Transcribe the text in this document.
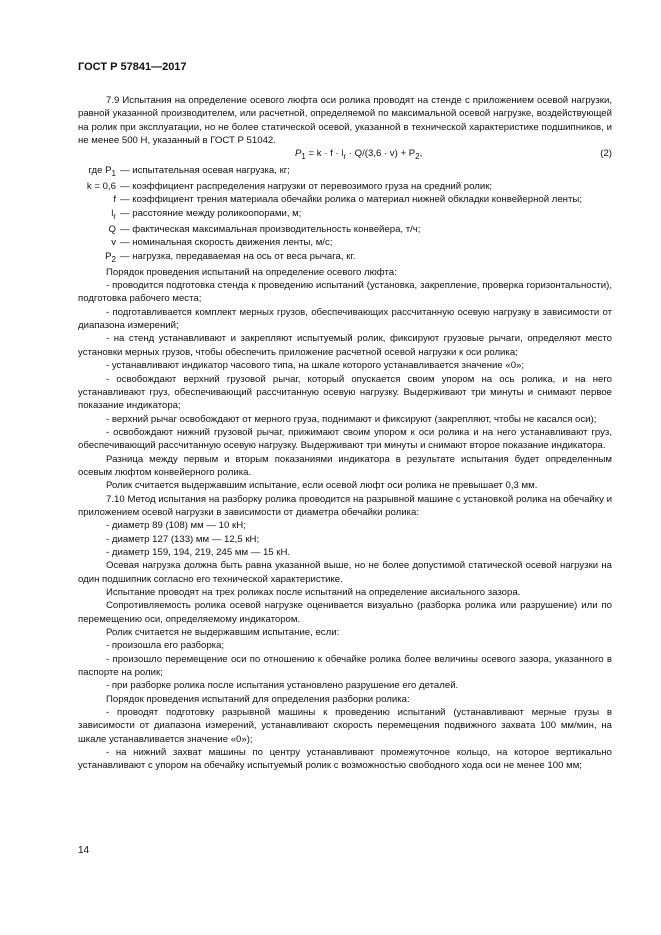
ГОСТ Р 57841—2017

7.9 Испытания на определение осевого люфта оси ролика проводят на стенде с приложением осевой нагрузки, равной указанной производителем, или расчетной, определяемой по максимальной осевой нагрузке, воздействующей на ролик при эксплуатации, но не более статической осевой, указанной в технической характеристике подшипников, и не менее 500 Н, указанный в ГОСТ Р 51042.

$P_1 = k \cdot f \cdot l_r \cdot Q/(3,6 \cdot v) + P_2$,	(2)
где $P_1$ — испытательная осевая нагрузка, кг;
k = 0,6 — коэффициент распределения нагрузки от перевозимого груза на средний ролик;
f — коэффициент трения материала обечайки ролика о материал нижней обкладки конвейерной ленты;
$l_r$ — расстояние между роликоопорами, м;
Q — фактическая максимальная производительность конвейера, т/ч;
v — номинальная скорость движения ленты, м/с;
$P_2$ — нагрузка, передаваемая на ось от веса рычага, кг.

Порядок проведения испытаний на определение осевого люфта:

- проводится подготовка стенда к проведению испытаний (установка, закрепление, проверка горизонтальности), подготовка рабочего места;

- подготавливается комплект мерных грузов, обеспечивающих рассчитанную осевую нагрузку в зависимости от диапазона измерений;

- на стенд устанавливают и закрепляют испытуемый ролик, фиксируют грузовые рычаги, определяют место установки мерных грузов, чтобы обеспечить приложение расчетной осевой нагрузки к оси ролика;

- устанавливают индикатор часового типа, на шкале которого устанавливается значение «0»;

- освобождают верхний грузовой рычаг, который опускается своим упором на ось ролика, и на него устанавливают груз, обеспечивающий рассчитанную осевую нагрузку. Выдерживают три минуты и снимают первое показание индикатора;

- верхний рычаг освобождают от мерного груза, поднимают и фиксируют (закрепляют, чтобы не касался оси);

- освобождают нижний грузовой рычаг, прижимают своим упором к оси ролика и на него устанавливают груз, обеспечивающий рассчитанную осевую нагрузку. Выдерживают три минуты и снимают второе показание индикатора.

Разница между первым и вторым показаниями индикатора в результате испытания будет определенным осевым люфтом конвейерного ролика.

Ролик считается выдержавшим испытание, если осевой люфт оси ролика не превышает 0,3 мм.

7.10 Метод испытания на разборку ролика проводится на разрывной машине с установкой ролика на обечайку и приложением осевой нагрузки в зависимости от диаметра обечайки ролика:

- диаметр 89 (108) мм — 10 кН;

- диаметр 127 (133) мм — 12,5 кН;

- диаметр 159, 194, 219, 245 мм — 15 кН.

Осевая нагрузка должна быть равна указанной выше, но не более допустимой статической осевой нагрузки на один подшипник согласно его технической характеристике.

Испытание проводят на трех роликах после испытаний на определение аксиального зазора.

Сопротивляемость ролика осевой нагрузке оценивается визуально (разборка ролика или разрушение) или по перемещению оси, определяемому индикатором.

Ролик считается не выдержавшим испытание, если:

- произошла его разборка;

- произошло перемещение оси по отношению к обечайке ролика более величины осевого зазора, указанного в паспорте на ролик;

- при разборке ролика после испытания установлено разрушение его деталей.

Порядок проведения испытаний для определения разборки ролика:

- проводят подготовку разрывной машины к проведению испытаний (устанавливают мерные грузы в зависимости от диапазона измерений, устанавливают скорость перемещения подвижного захвата 100 мм/мин, на шкале устанавливается значение «0»);

- на нижний захват машины по центру устанавливают промежуточное кольцо, на которое вертикально устанавливают с упором на обечайку испытуемый ролик с возможностью свободного хода оси не менее 100 мм;

14
